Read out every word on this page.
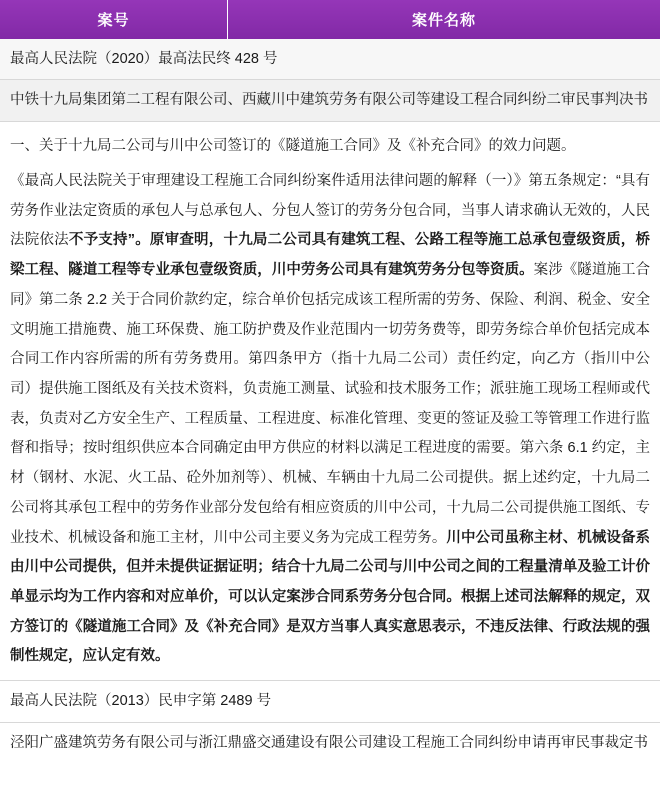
案号	案件名称
最高人民法院（2020）最高法民终 428 号
中铁十九局集团第二工程有限公司、西藏川中建筑劳务有限公司等建设工程合同纠纷二审民事判决书

一、关于十九局二公司与川中公司签订的《隧道施工合同》及《补充合同》的效力问题。

《最高人民法院关于审理建设工程施工合同纠纷案件适用法律问题的解释（一）》第五条规定：“具有劳务作业法定资质的承包人与总承包人、分包人签订的劳务分包合同，当事人请求确认无效的，人民法院依法不予支持”。原审查明，十九局二公司具有建筑工程、公路工程等施工总承包壹级资质，桥梁工程、隧道工程等专业承包壹级资质，川中劳务公司具有建筑劳务分包等资质。案涉《隧道施工合同》第二条 2.2 关于合同价款约定，综合单价包括完成该工程所需的劳务、保险、利润、税金、安全文明施工措施费、施工环保费、施工防护费及作业范围内一切劳务费等，即劳务综合单价包括完成本合同工作内容所需的所有劳务费用。第四条甲方（指十九局二公司）责任约定，向乙方（指川中公司）提供施工图纸及有关技术资料，负责施工测量、试验和技术服务工作；派驻施工现场工程师或代表，负责对乙方安全生产、工程质量、工程进度、标准化管理、变更的签证及验工等管理工作进行监督和指导；按时组织供应本合同确定由甲方供应的材料以满足工程进度的需要。第六条 6.1 约定，主材（钢材、水泥、火工品、砼外加剂等）、机械、车辆由十九局二公司提供。据上述约定，十九局二公司将其承包工程中的劳务作业部分发包给有相应资质的川中公司，十九局二公司提供施工图纸、专业技术、机械设备和施工主材，川中公司主要义务为完成工程劳务。川中公司虽称主材、机械设备系由川中公司提供，但并未提供证据证明；结合十九局二公司与川中公司之间的工程量清单及验工计价单显示均为工作内容和对应单价，可以认定案涉合同系劳务分包合同。根据上述司法解释的规定，双方签订的《隧道施工合同》及《补充合同》是双方当事人真实意思表示，不违反法律、行政法规的强制性规定，应认定有效。

最高人民法院（2013）民申字第 2489 号
泾阳广盛建筑劳务有限公司与浙江鼎盛交通建设有限公司建设工程施工合同纠纷申请再审民事裁定书
